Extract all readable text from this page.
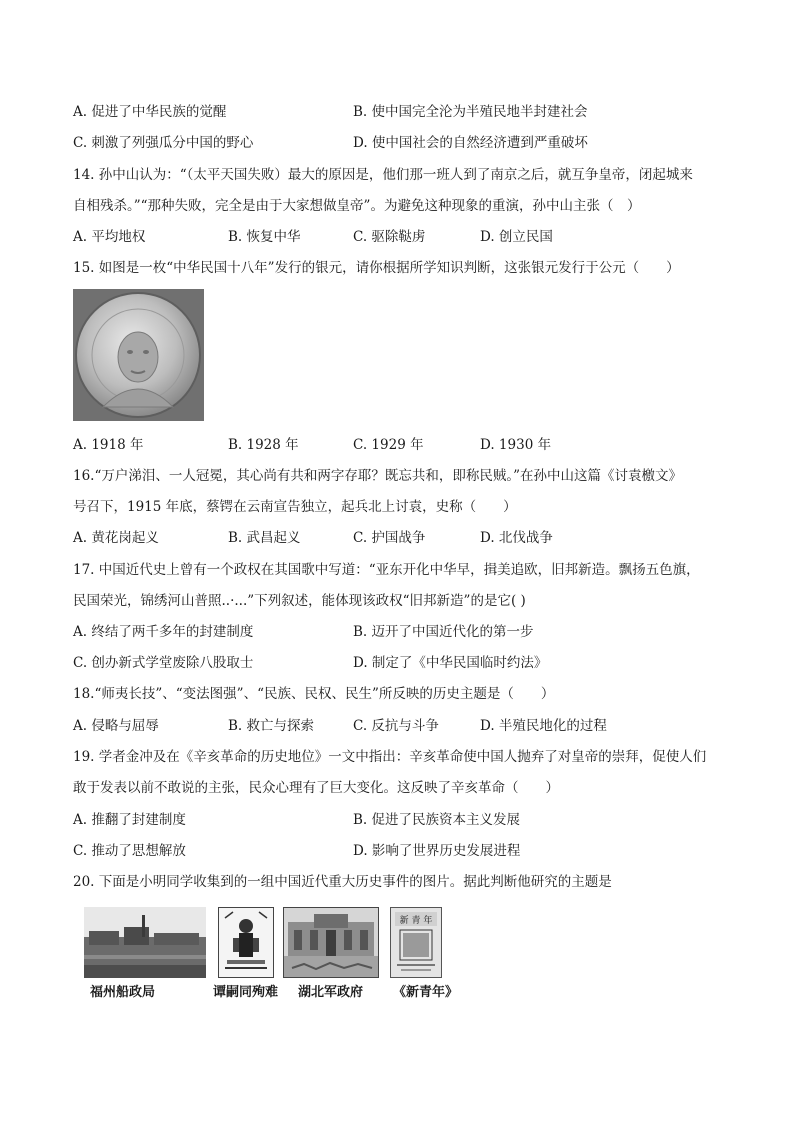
A. 促进了中华民族的觉醒	B. 使中国完全沦为半殖民地半封建社会
C. 刺激了列强瓜分中国的野心	D. 使中国社会的自然经济遭到严重破坏
14. 孙中山认为：“（太平天国失败）最大的原因是，他们那一班人到了南京之后，就互争皇帝，闭起城来
自相残杀。”“那种失败，完全是由于大家想做皇帝”。为避免这种现象的重演，孙中山主张（　）
A. 平均地权	B. 恢复中华	C. 驱除鞑虏	D. 创立民国
15. 如图是一枚“中华民国十八年”发行的银元，请你根据所学知识判断，这张银元发行于公元（　　）
A. 1918 年	B. 1928 年	C. 1929 年	D. 1930 年
16.“万户涕泪、一人冠冕，其心尚有共和两字存耶？既忘共和，即称民贼。”在孙中山这篇《讨袁檄文》
号召下，1915 年底，蔡锷在云南宣告独立，起兵北上讨袁，史称（　　）
A. 黄花岗起义	B. 武昌起义	C. 护国战争	D. 北伐战争
17. 中国近代史上曾有一个政权在其国歌中写道：“亚东开化中华早，揖美追欧，旧邦新造。飘扬五色旗，
民国荣光，锦绣河山普照..·...”下列叙述，能体现该政权“旧邦新造”的是它( )
A. 终结了两千多年的封建制度	B. 迈开了中国近代化的第一步
C. 创办新式学堂废除八股取士	D. 制定了《中华民国临时约法》
18.“师夷长技”、“变法图强”、“民族、民权、民生”所反映的历史主题是（　　）
A. 侵略与屈辱	B. 救亡与探索	C. 反抗与斗争	D. 半殖民地化的过程
19. 学者金冲及在《辛亥革命的历史地位》一文中指出：辛亥革命使中国人抛弃了对皇帝的崇拜，促使人们
敢于发表以前不敢说的主张，民众心理有了巨大变化。这反映了辛亥革命（　　）
A. 推翻了封建制度	B. 促进了民族资本主义发展
C. 推动了思想解放	D. 影响了世界历史发展进程
20. 下面是小明同学收集到的一组中国近代重大历史事件的图片。据此判断他研究的主题是
新 青 年
福州船政局	谭嗣同殉难 湖北军政府 《新青年》
